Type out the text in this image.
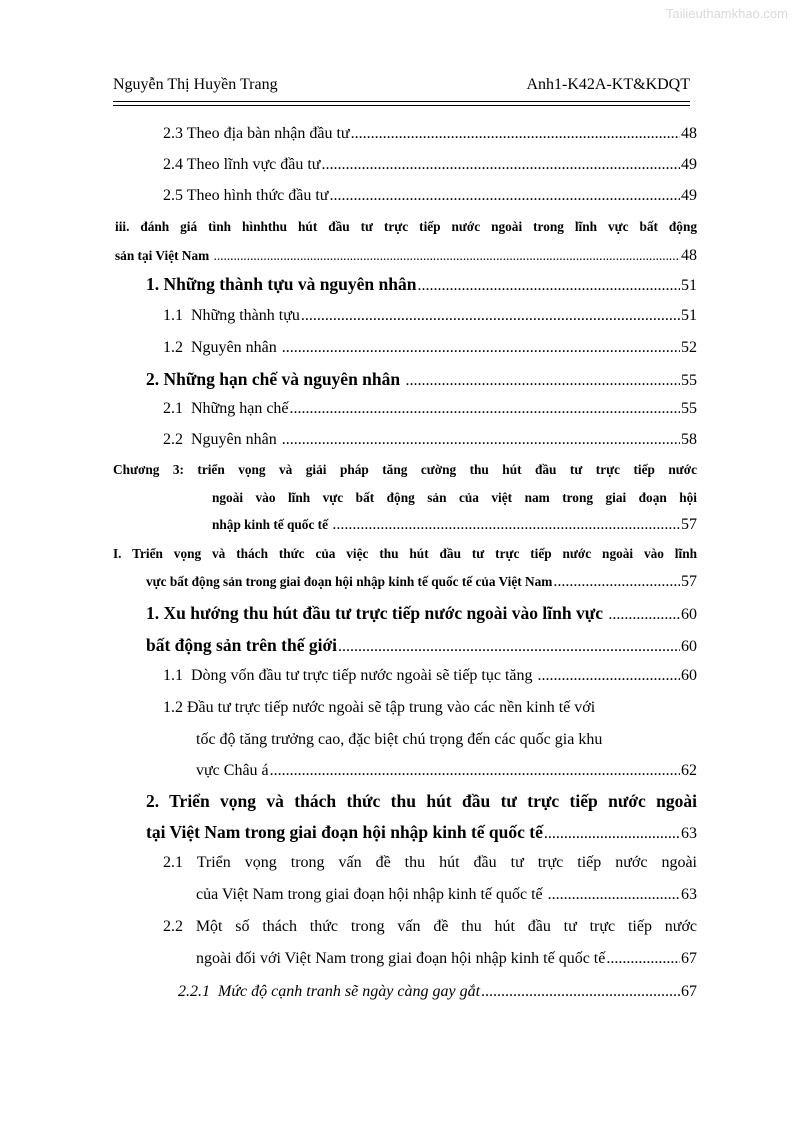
Tailieuthamkhao.com
Nguyễn Thị Huyền Trang	Anh1-K42A-KT&KDQT
2.3 Theo địa bàn nhận đầu tư .....	48
2.4 Theo lĩnh vực đầu tư .....	49
2.5 Theo hình thức đầu tư .....	49
iii. đánh giá tình hìnhthu hút đầu tư trực tiếp nước ngoài trong lĩnh vực bất động
sản tại Việt Nam .....	48
1. Những thành tựu và nguyên nhân .....	51
1.1  Những thành tựu .....	51
1.2  Nguyên nhân .....	52
2. Những hạn chế và nguyên nhân .....	55
2.1  Những hạn chế .....	55
2.2  Nguyên nhân .....	58
Chương 3: triển vọng và giải pháp tăng cường thu hút đầu tư trực tiếp nước
ngoài vào lĩnh vực bất động sản của việt nam trong giai đoạn hội
nhập kinh tế quốc tế .....	57
I. Triển vọng và thách thức của việc thu hút đầu tư trực tiếp nước ngoài vào lĩnh
vực bất động sản trong giai đoạn hội nhập kinh tế quốc tế của Việt Nam .....	57
1. Xu hướng thu hút đầu tư trực tiếp nước ngoài vào lĩnh vực .....	60
bất động sản trên thế giới .....	60
1.1  Dòng vốn đầu tư trực tiếp nước ngoài sẽ tiếp tục tăng .....	60
1.2 Đầu tư trực tiếp nước ngoài sẽ tập trung vào các nền kinh tế với
tốc độ tăng trưởng cao, đặc biệt chú trọng đến các quốc gia khu
vực Châu á .....	62
2. Triển vọng và thách thức thu hút đầu tư trực tiếp nước ngoài
tại Việt Nam trong giai đoạn hội nhập kinh tế quốc tế .....	63
2.1 Triển vọng trong vấn đề thu hút đầu tư trực tiếp nước ngoài
của Việt Nam trong giai đoạn hội nhập kinh tế quốc tế .....	63
2.2 Một số thách thức trong vấn đề thu hút đầu tư trực tiếp nước
ngoài đối với Việt Nam trong giai đoạn hội nhập kinh tế quốc tế .....	67
2.2.1  Mức độ cạnh tranh sẽ ngày càng gay gắt .....	67
